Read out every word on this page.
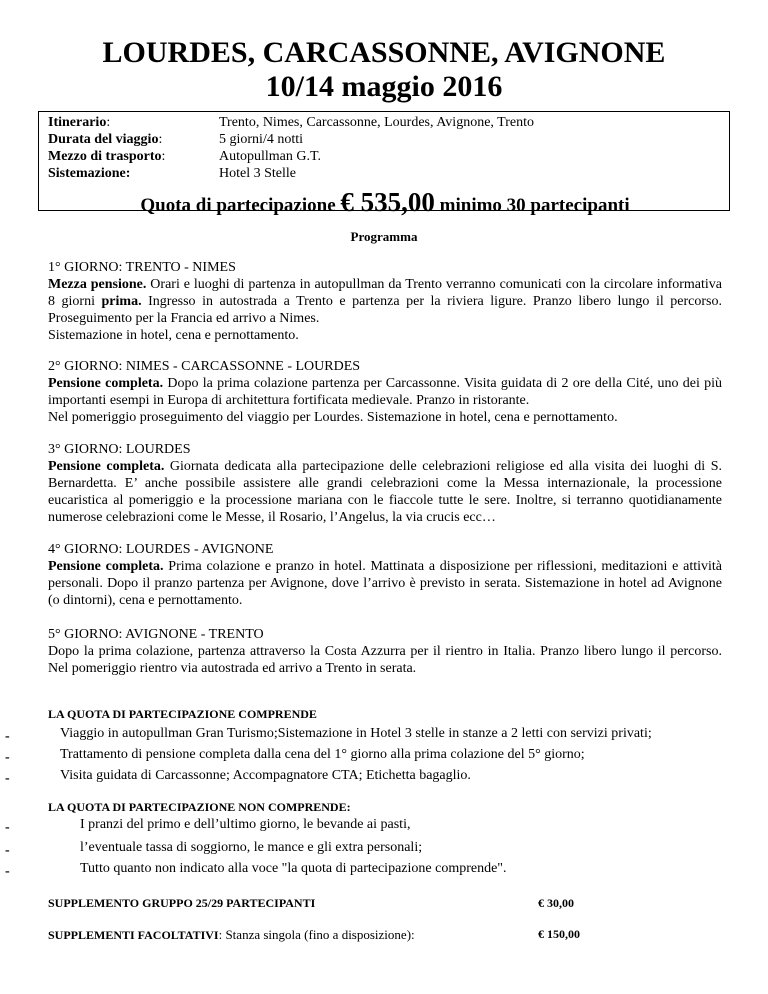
LOURDES, CARCASSONNE, AVIGNONE
10/14 maggio 2016
Itinerario:	Trento, Nimes, Carcassonne, Lourdes, Avignone, Trento
Durata del viaggio:	5 giorni/4 notti
Mezzo di trasporto:	Autopullman G.T.
Sistemazione:	Hotel 3 Stelle
Quota di partecipazione € 535,00 minimo 30 partecipanti
Programma
1° GIORNO: TRENTO - NIMES

Mezza pensione. Orari e luoghi di partenza in autopullman da Trento verranno comunicati con la circolare informativa 8 giorni prima. Ingresso in autostrada a Trento e partenza per la riviera ligure. Pranzo libero lungo il percorso. Proseguimento per la Francia ed arrivo a Nimes.

Sistemazione in hotel, cena e pernottamento.

2° GIORNO: NIMES - CARCASSONNE - LOURDES

Pensione completa. Dopo la prima colazione partenza per Carcassonne. Visita guidata di 2 ore della Cité, uno dei più importanti esempi in Europa di architettura fortificata medievale. Pranzo in ristorante.

Nel pomeriggio proseguimento del viaggio per Lourdes. Sistemazione in hotel, cena e pernottamento.

3° GIORNO: LOURDES

Pensione completa. Giornata dedicata alla partecipazione delle celebrazioni religiose ed alla visita dei luoghi di S. Bernardetta. E’ anche possibile assistere alle grandi celebrazioni come la Messa internazionale, la processione eucaristica al pomeriggio e la processione mariana con le fiaccole tutte le sere. Inoltre, si terranno quotidianamente numerose celebrazioni come le Messe, il Rosario, l’Angelus, la via crucis ecc…

4° GIORNO: LOURDES - AVIGNONE

Pensione completa. Prima colazione e pranzo in hotel. Mattinata a disposizione per riflessioni, meditazioni e attività personali. Dopo il pranzo partenza per Avignone, dove l’arrivo è previsto in serata. Sistemazione in hotel ad Avignone (o dintorni), cena e pernottamento.

5° GIORNO: AVIGNONE - TRENTO

Dopo la prima colazione, partenza attraverso la Costa Azzurra per il rientro in Italia. Pranzo libero lungo il percorso. Nel pomeriggio rientro via autostrada ed arrivo a Trento in serata.

LA QUOTA DI PARTECIPAZIONE COMPRENDE
-	Viaggio in autopullman Gran Turismo;Sistemazione in Hotel 3 stelle in stanze a 2 letti con servizi privati;
-	Trattamento di pensione completa dalla cena del 1° giorno alla prima colazione del 5° giorno;
-	Visita guidata di Carcassonne; Accompagnatore CTA; Etichetta bagaglio.
LA QUOTA DI PARTECIPAZIONE NON COMPRENDE:
-	I pranzi del primo e dell’ultimo giorno, le bevande ai pasti,
-	l’eventuale tassa di soggiorno, le mance e gli extra personali;
-	Tutto quanto non indicato alla voce "la quota di partecipazione comprende".
SUPPLEMENTO GRUPPO 25/29 PARTECIPANTI	€ 30,00
SUPPLEMENTI FACOLTATIVI: Stanza singola (fino a disposizione):	€ 150,00
